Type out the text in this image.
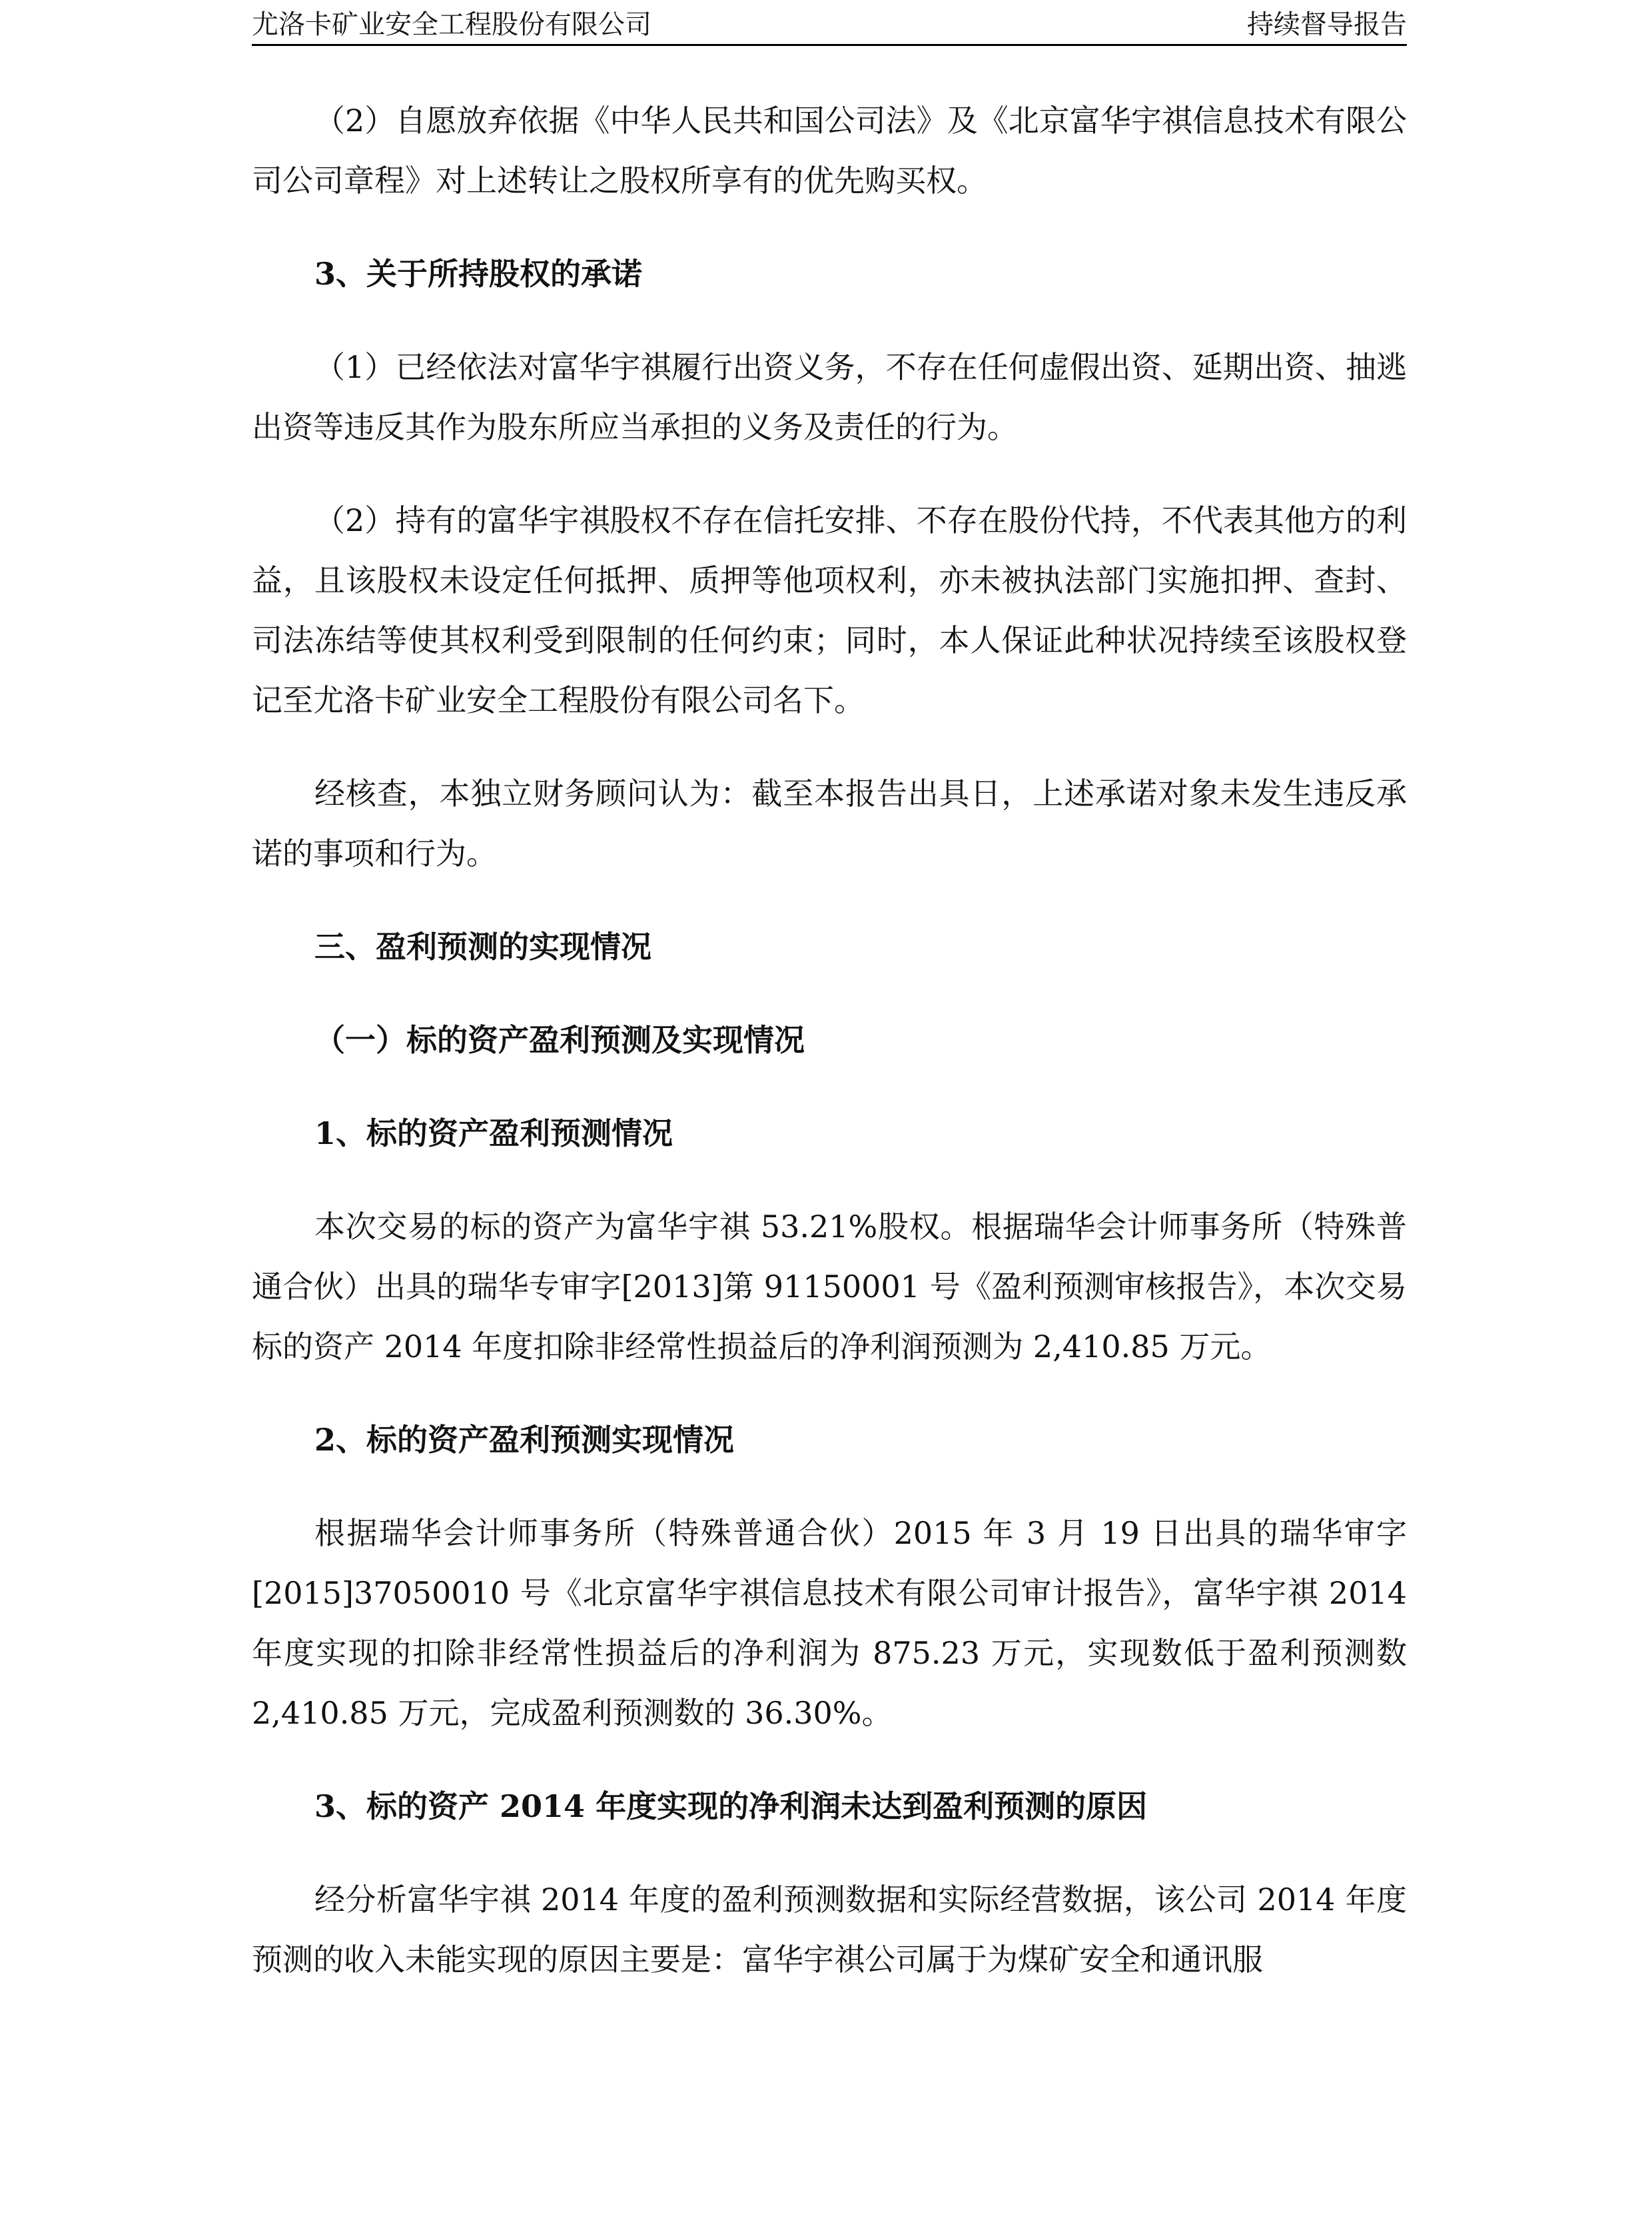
尤洛卡矿业安全工程股份有限公司	持续督导报告

（2）自愿放弃依据《中华人民共和国公司法》及《北京富华宇祺信息技术有限公司公司章程》对上述转让之股权所享有的优先购买权。

3、关于所持股权的承诺

（1）已经依法对富华宇祺履行出资义务，不存在任何虚假出资、延期出资、抽逃出资等违反其作为股东所应当承担的义务及责任的行为。

（2）持有的富华宇祺股权不存在信托安排、不存在股份代持，不代表其他方的利益，且该股权未设定任何抵押、质押等他项权利，亦未被执法部门实施扣押、查封、司法冻结等使其权利受到限制的任何约束；同时，本人保证此种状况持续至该股权登记至尤洛卡矿业安全工程股份有限公司名下。

经核查，本独立财务顾问认为：截至本报告出具日，上述承诺对象未发生违反承诺的事项和行为。

三、盈利预测的实现情况

（一）标的资产盈利预测及实现情况

1、标的资产盈利预测情况

本次交易的标的资产为富华宇祺 53.21%股权。根据瑞华会计师事务所（特殊普通合伙）出具的瑞华专审字[2013]第 91150001 号《盈利预测审核报告》，本次交易标的资产 2014 年度扣除非经常性损益后的净利润预测为 2,410.85 万元。

2、标的资产盈利预测实现情况

根据瑞华会计师事务所（特殊普通合伙）2015 年 3 月 19 日出具的瑞华审字[2015]37050010 号《北京富华宇祺信息技术有限公司审计报告》，富华宇祺 2014 年度实现的扣除非经常性损益后的净利润为 875.23 万元，实现数低于盈利预测数 2,410.85 万元，完成盈利预测数的 36.30%。

3、标的资产 2014 年度实现的净利润未达到盈利预测的原因

经分析富华宇祺 2014 年度的盈利预测数据和实际经营数据，该公司 2014 年度预测的收入未能实现的原因主要是：富华宇祺公司属于为煤矿安全和通讯服
